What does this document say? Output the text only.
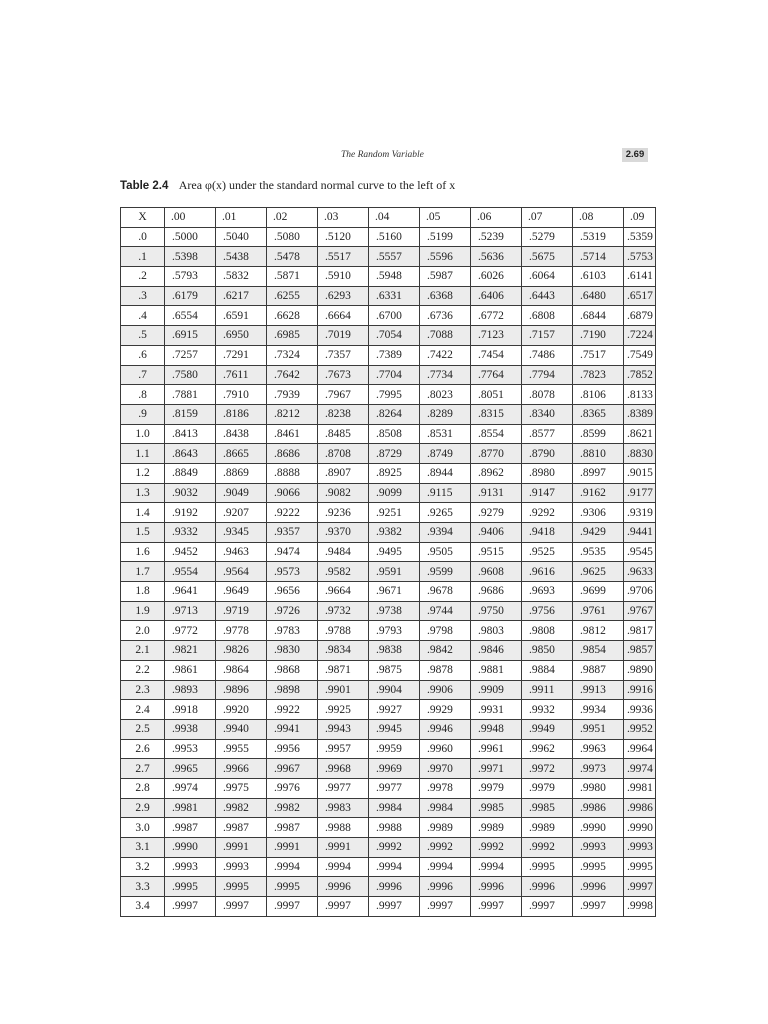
The Random Variable	2.69
Table 2.4 Area φ(x) under the standard normal curve to the left of x
X	.00	.01	.02	.03	.04	.05	.06	.07	.08	.09
.0	.5000	.5040	.5080	.5120	.5160	.5199	.5239	.5279	.5319	.5359
.1	.5398	.5438	.5478	.5517	.5557	.5596	.5636	.5675	.5714	.5753
.2	.5793	.5832	.5871	.5910	.5948	.5987	.6026	.6064	.6103	.6141
.3	.6179	.6217	.6255	.6293	.6331	.6368	.6406	.6443	.6480	.6517
.4	.6554	.6591	.6628	.6664	.6700	.6736	.6772	.6808	.6844	.6879
.5	.6915	.6950	.6985	.7019	.7054	.7088	.7123	.7157	.7190	.7224
.6	.7257	.7291	.7324	.7357	.7389	.7422	.7454	.7486	.7517	.7549
.7	.7580	.7611	.7642	.7673	.7704	.7734	.7764	.7794	.7823	.7852
.8	.7881	.7910	.7939	.7967	.7995	.8023	.8051	.8078	.8106	.8133
.9	.8159	.8186	.8212	.8238	.8264	.8289	.8315	.8340	.8365	.8389
1.0	.8413	.8438	.8461	.8485	.8508	.8531	.8554	.8577	.8599	.8621
1.1	.8643	.8665	.8686	.8708	.8729	.8749	.8770	.8790	.8810	.8830
1.2	.8849	.8869	.8888	.8907	.8925	.8944	.8962	.8980	.8997	.9015
1.3	.9032	.9049	.9066	.9082	.9099	.9115	.9131	.9147	.9162	.9177
1.4	.9192	.9207	.9222	.9236	.9251	.9265	.9279	.9292	.9306	.9319
1.5	.9332	.9345	.9357	.9370	.9382	.9394	.9406	.9418	.9429	.9441
1.6	.9452	.9463	.9474	.9484	.9495	.9505	.9515	.9525	.9535	.9545
1.7	.9554	.9564	.9573	.9582	.9591	.9599	.9608	.9616	.9625	.9633
1.8	.9641	.9649	.9656	.9664	.9671	.9678	.9686	.9693	.9699	.9706
1.9	.9713	.9719	.9726	.9732	.9738	.9744	.9750	.9756	.9761	.9767
2.0	.9772	.9778	.9783	.9788	.9793	.9798	.9803	.9808	.9812	.9817
2.1	.9821	.9826	.9830	.9834	.9838	.9842	.9846	.9850	.9854	.9857
2.2	.9861	.9864	.9868	.9871	.9875	.9878	.9881	.9884	.9887	.9890
2.3	.9893	.9896	.9898	.9901	.9904	.9906	.9909	.9911	.9913	.9916
2.4	.9918	.9920	.9922	.9925	.9927	.9929	.9931	.9932	.9934	.9936
2.5	.9938	.9940	.9941	.9943	.9945	.9946	.9948	.9949	.9951	.9952
2.6	.9953	.9955	.9956	.9957	.9959	.9960	.9961	.9962	.9963	.9964
2.7	.9965	.9966	.9967	.9968	.9969	.9970	.9971	.9972	.9973	.9974
2.8	.9974	.9975	.9976	.9977	.9977	.9978	.9979	.9979	.9980	.9981
2.9	.9981	.9982	.9982	.9983	.9984	.9984	.9985	.9985	.9986	.9986
3.0	.9987	.9987	.9987	.9988	.9988	.9989	.9989	.9989	.9990	.9990
3.1	.9990	.9991	.9991	.9991	.9992	.9992	.9992	.9992	.9993	.9993
3.2	.9993	.9993	.9994	.9994	.9994	.9994	.9994	.9995	.9995	.9995
3.3	.9995	.9995	.9995	.9996	.9996	.9996	.9996	.9996	.9996	.9997
3.4	.9997	.9997	.9997	.9997	.9997	.9997	.9997	.9997	.9997	.9998
